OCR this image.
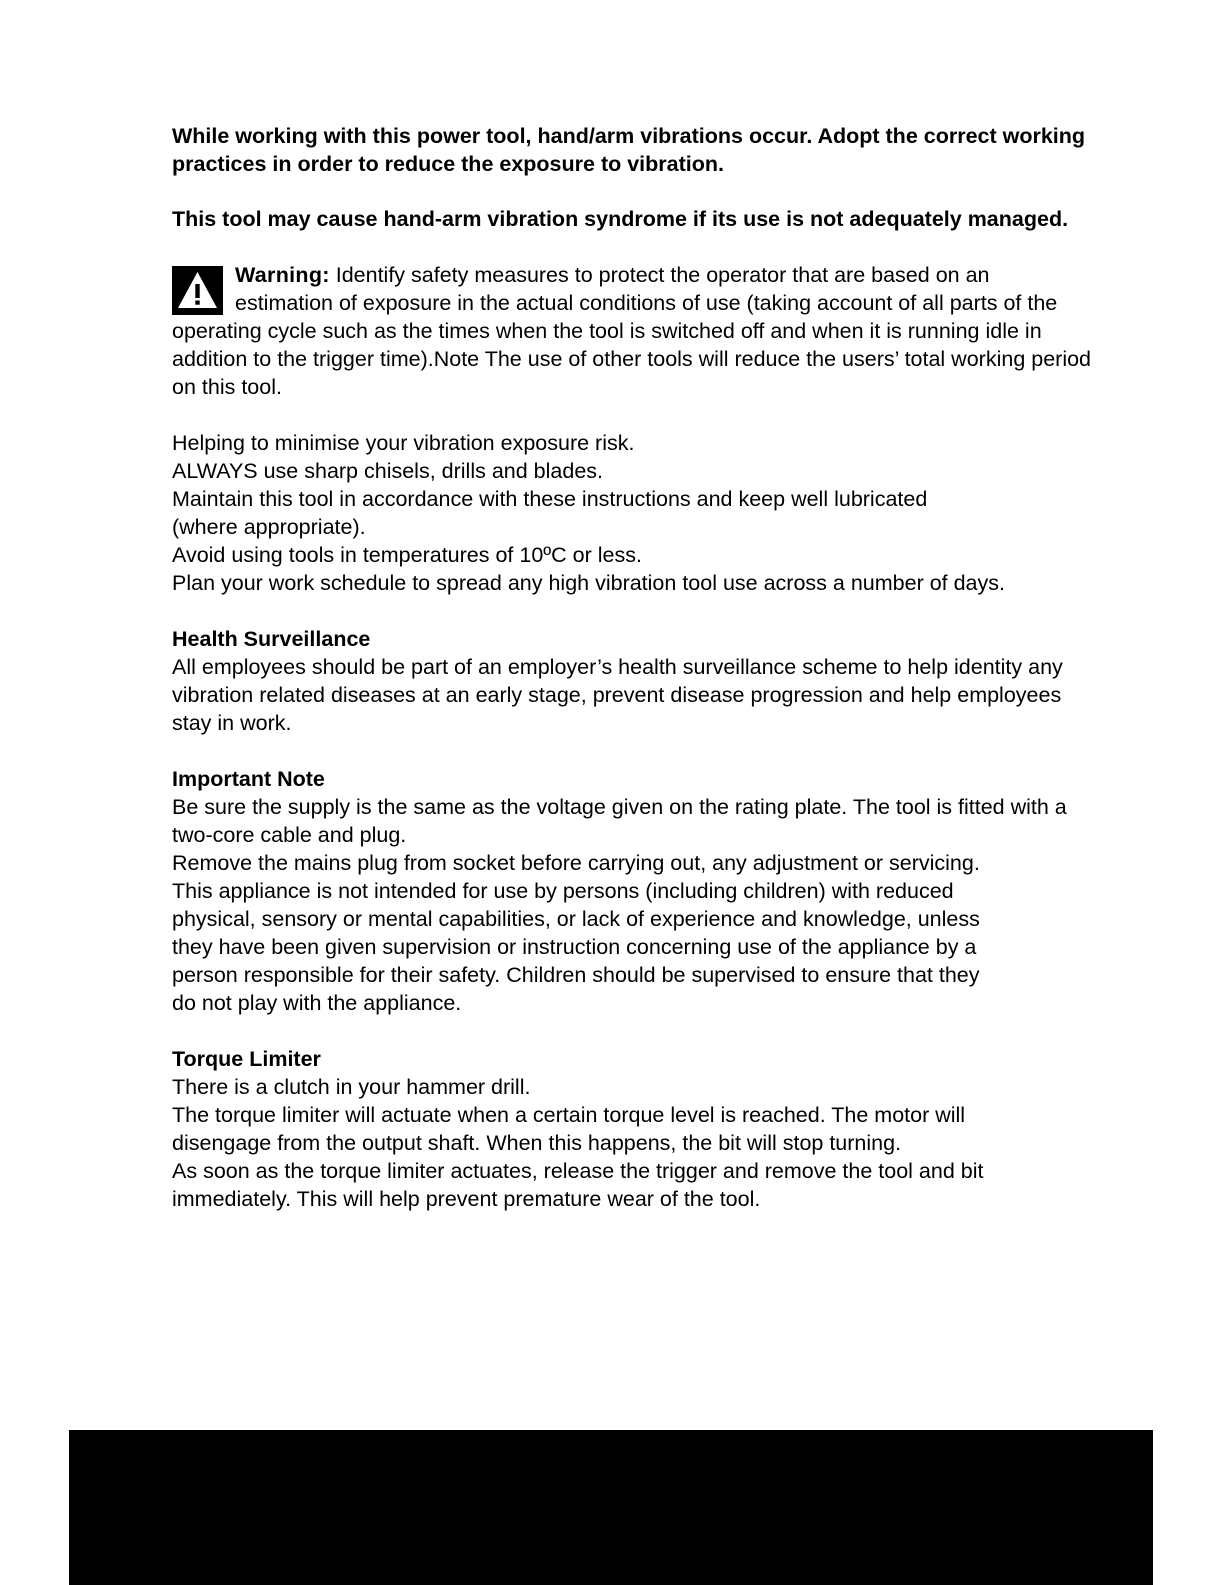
While working with this power tool, hand/arm vibrations occur. Adopt the correct working practices in order to reduce the exposure to vibration.

This tool may cause hand-arm vibration syndrome if its use is not adequately managed.

Warning: Identify safety measures to protect the operator that are based on an estimation of exposure in the actual conditions of use (taking account of all parts of the operating cycle such as the times when the tool is switched off and when it is running idle in addition to the trigger time).Note The use of other tools will reduce the users’ total working period on this tool.

Helping to minimise your vibration exposure risk.

ALWAYS use sharp chisels, drills and blades.

Maintain this tool in accordance with these instructions and keep well lubricated (where appropriate).

Avoid using tools in temperatures of 10ºC or less.

Plan your work schedule to spread any high vibration tool use across a number of days.

Health Surveillance

All employees should be part of an employer’s health surveillance scheme to help identity any vibration related diseases at an early stage, prevent disease progression and help employees stay in work.

Important Note

Be sure the supply is the same as the voltage given on the rating plate. The tool is fitted with a two-core cable and plug.

Remove the mains plug from socket before carrying out, any adjustment or servicing.

This appliance is not intended for use by persons (including children) with reduced physical, sensory or mental capabilities, or lack of experience and knowledge, unless they have been given supervision or instruction concerning use of the appliance by a person responsible for their safety. Children should be supervised to ensure that they do not play with the appliance.

Torque Limiter

There is a clutch in your hammer drill.

The torque limiter will actuate when a certain torque level is reached. The motor will disengage from the output shaft. When this happens, the bit will stop turning.

As soon as the torque limiter actuates, release the trigger and remove the tool and bit immediately. This will help prevent premature wear of the tool.
